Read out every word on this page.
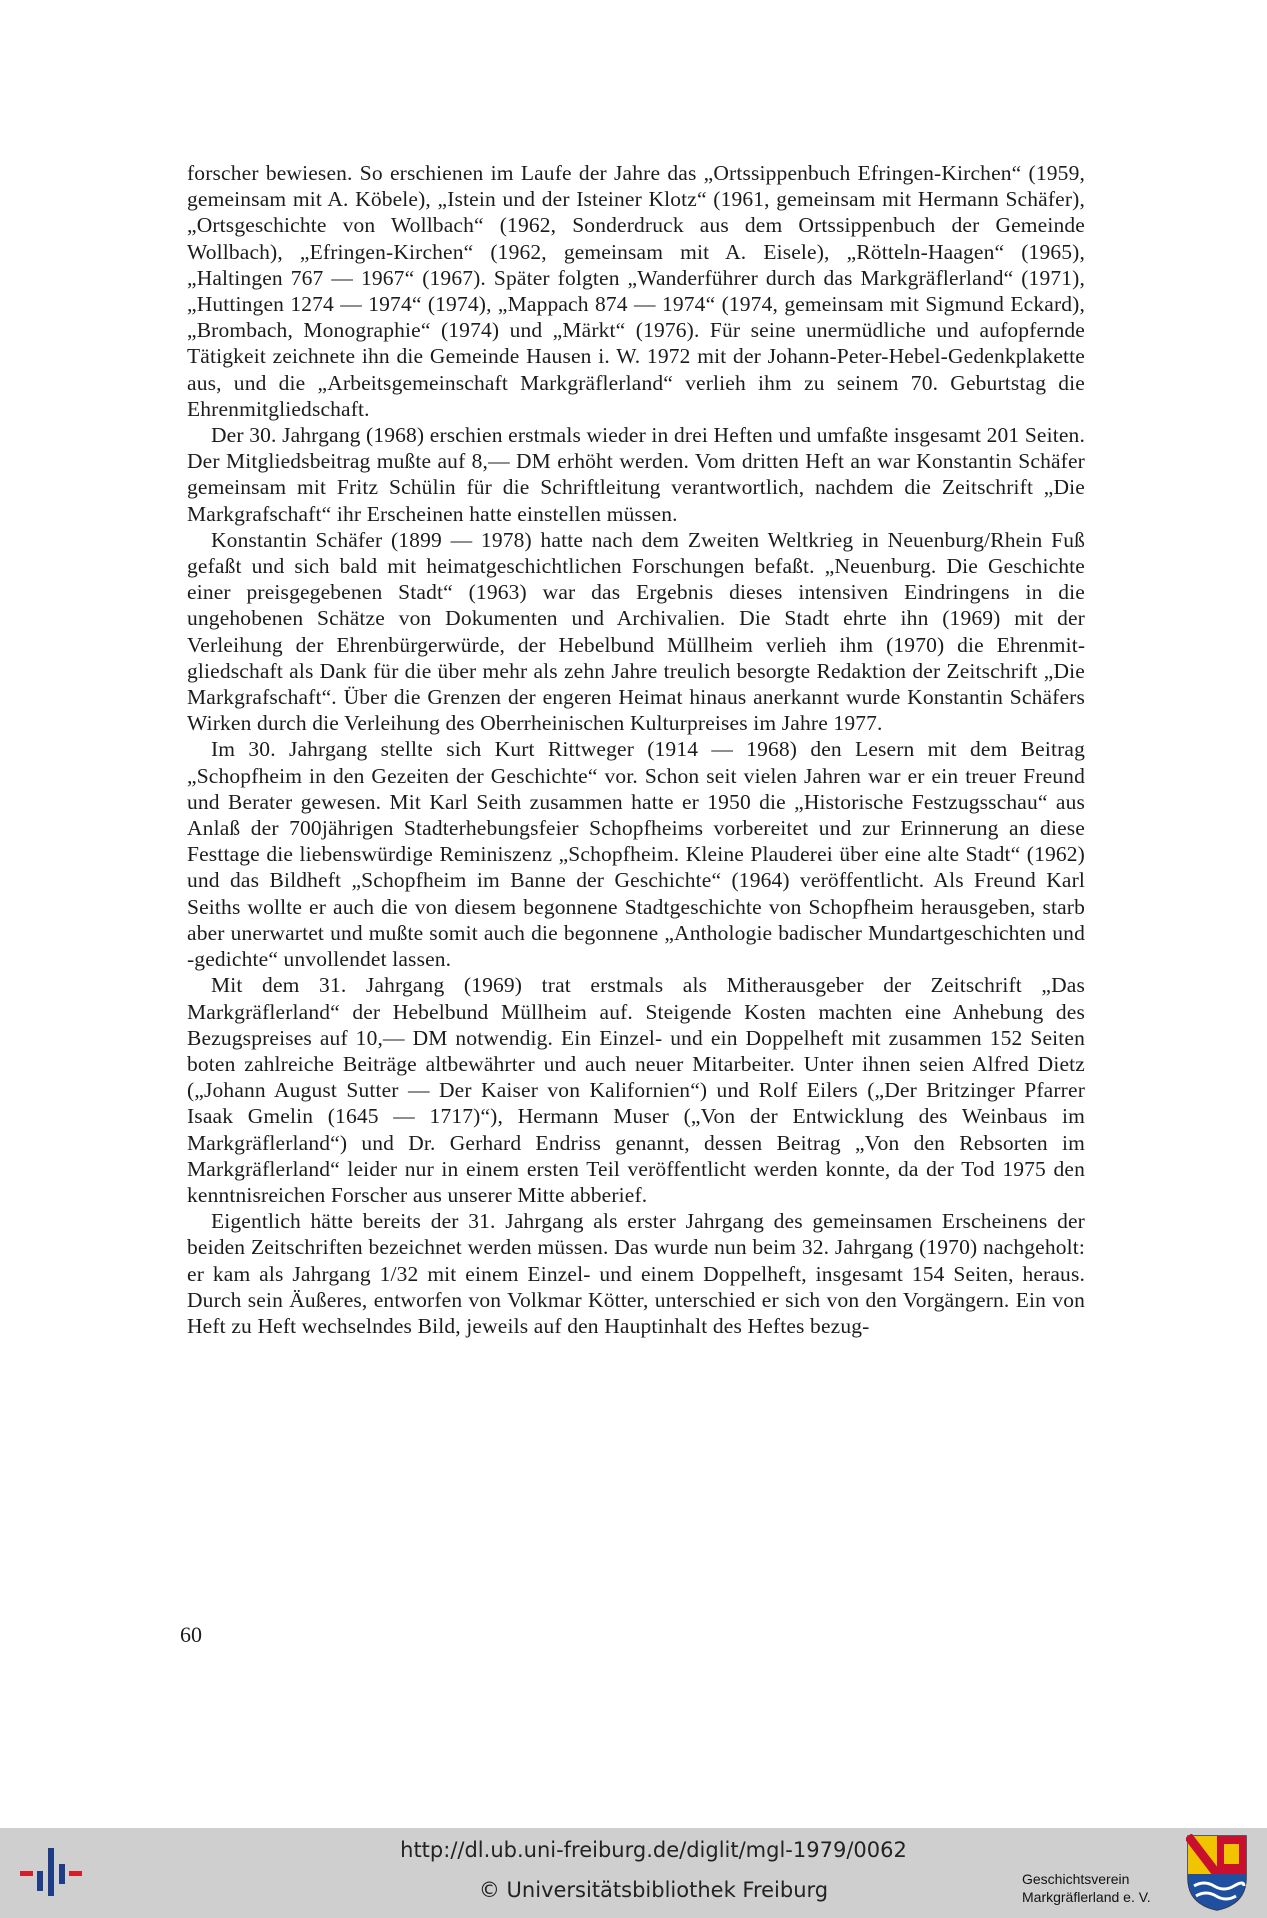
forscher bewiesen. So erschienen im Laufe der Jahre das „Ortssippenbuch Efringen-Kirchen“ (1959, gemeinsam mit A. Köbele), „Istein und der Isteiner Klotz“ (1961, gemeinsam mit Hermann Schäfer), „Ortsgeschichte von Wollbach“ (1962, Sonderdruck aus dem Ortssippenbuch der Gemeinde Wollbach), „Efringen-Kirchen“ (1962, gemeinsam mit A. Eisele), „Rötteln-Haagen“ (1965), „Haltingen 767 — 1967“ (1967). Später folgten „Wanderführer durch das Markgräflerland“ (1971), „Huttingen 1274 — 1974“ (1974), „Mappach 874 — 1974“ (1974, gemeinsam mit Sigmund Eckard), „Brombach, Monographie“ (1974) und „Märkt“ (1976). Für seine unermüdliche und aufopfernde Tätigkeit zeichnete ihn die Gemeinde Hausen i. W. 1972 mit der Johann-Peter-Hebel-Gedenkplakette aus, und die „Arbeitsgemeinschaft Markgräflerland“ verlieh ihm zu seinem 70. Geburtstag die Ehrenmitgliedschaft.

Der 30. Jahrgang (1968) erschien erstmals wieder in drei Heften und umfaßte insgesamt 201 Seiten. Der Mitgliedsbeitrag mußte auf 8,— DM erhöht werden. Vom dritten Heft an war Konstantin Schäfer gemeinsam mit Fritz Schülin für die Schriftleitung verantwortlich, nachdem die Zeitschrift „Die Markgrafschaft“ ihr Erscheinen hatte einstellen müssen.

Konstantin Schäfer (1899 — 1978) hatte nach dem Zweiten Weltkrieg in Neuenburg/Rhein Fuß gefaßt und sich bald mit heimatgeschichtlichen Forschungen befaßt. „Neuenburg. Die Geschichte einer preisgegebenen Stadt“ (1963) war das Ergebnis dieses intensiven Eindringens in die ungehobenen Schätze von Dokumenten und Archivalien. Die Stadt ehrte ihn (1969) mit der Verleihung der Ehrenbürgerwürde, der Hebelbund Müllheim verlieh ihm (1970) die Ehrenmitgliedschaft als Dank für die über mehr als zehn Jahre treulich besorgte Redaktion der Zeitschrift „Die Markgrafschaft“. Über die Grenzen der engeren Heimat hinaus anerkannt wurde Konstantin Schäfers Wirken durch die Verleihung des Oberrheinischen Kulturpreises im Jahre 1977.

Im 30. Jahrgang stellte sich Kurt Rittweger (1914 — 1968) den Lesern mit dem Beitrag „Schopfheim in den Gezeiten der Geschichte“ vor. Schon seit vielen Jahren war er ein treuer Freund und Berater gewesen. Mit Karl Seith zusammen hatte er 1950 die „Historische Festzugsschau“ aus Anlaß der 700jährigen Stadterhebungsfeier Schopfheims vorbereitet und zur Erinnerung an diese Festtage die liebenswürdige Reminiszenz „Schopfheim. Kleine Plauderei über eine alte Stadt“ (1962) und das Bildheft „Schopfheim im Banne der Geschichte“ (1964) veröffentlicht. Als Freund Karl Seiths wollte er auch die von diesem begonnene Stadtgeschichte von Schopfheim herausgeben, starb aber unerwartet und mußte somit auch die begonnene „Anthologie badischer Mundartgeschichten und -gedichte“ unvollendet lassen.

Mit dem 31. Jahrgang (1969) trat erstmals als Mitherausgeber der Zeitschrift „Das Markgräflerland“ der Hebelbund Müllheim auf. Steigende Kosten machten eine Anhebung des Bezugspreises auf 10,— DM notwendig. Ein Einzel- und ein Doppelheft mit zusammen 152 Seiten boten zahlreiche Beiträge altbewährter und auch neuer Mitarbeiter. Unter ihnen seien Alfred Dietz („Johann August Sutter — Der Kaiser von Kalifornien“) und Rolf Eilers („Der Britzinger Pfarrer Isaak Gmelin (1645 — 1717)“), Hermann Muser („Von der Entwicklung des Weinbaus im Markgräflerland“) und Dr. Gerhard Endriss genannt, dessen Beitrag „Von den Rebsorten im Markgräflerland“ leider nur in einem ersten Teil veröffentlicht werden konnte, da der Tod 1975 den kenntnisreichen Forscher aus unserer Mitte abberief.

Eigentlich hätte bereits der 31. Jahrgang als erster Jahrgang des gemeinsamen Erscheinens der beiden Zeitschriften bezeichnet werden müssen. Das wurde nun beim 32. Jahrgang (1970) nachgeholt: er kam als Jahrgang 1/32 mit einem Einzel- und einem Doppelheft, insgesamt 154 Seiten, heraus. Durch sein Äußeres, entworfen von Volkmar Kötter, unterschied er sich von den Vorgängern. Ein von Heft zu Heft wechselndes Bild, jeweils auf den Hauptinhalt des Heftes bezug-

60
http://dl.ub.uni-freiburg.de/diglit/mgl-1979/0062
© Universitätsbibliothek Freiburg	Geschichtsverein
Markgräflerland e. V.
